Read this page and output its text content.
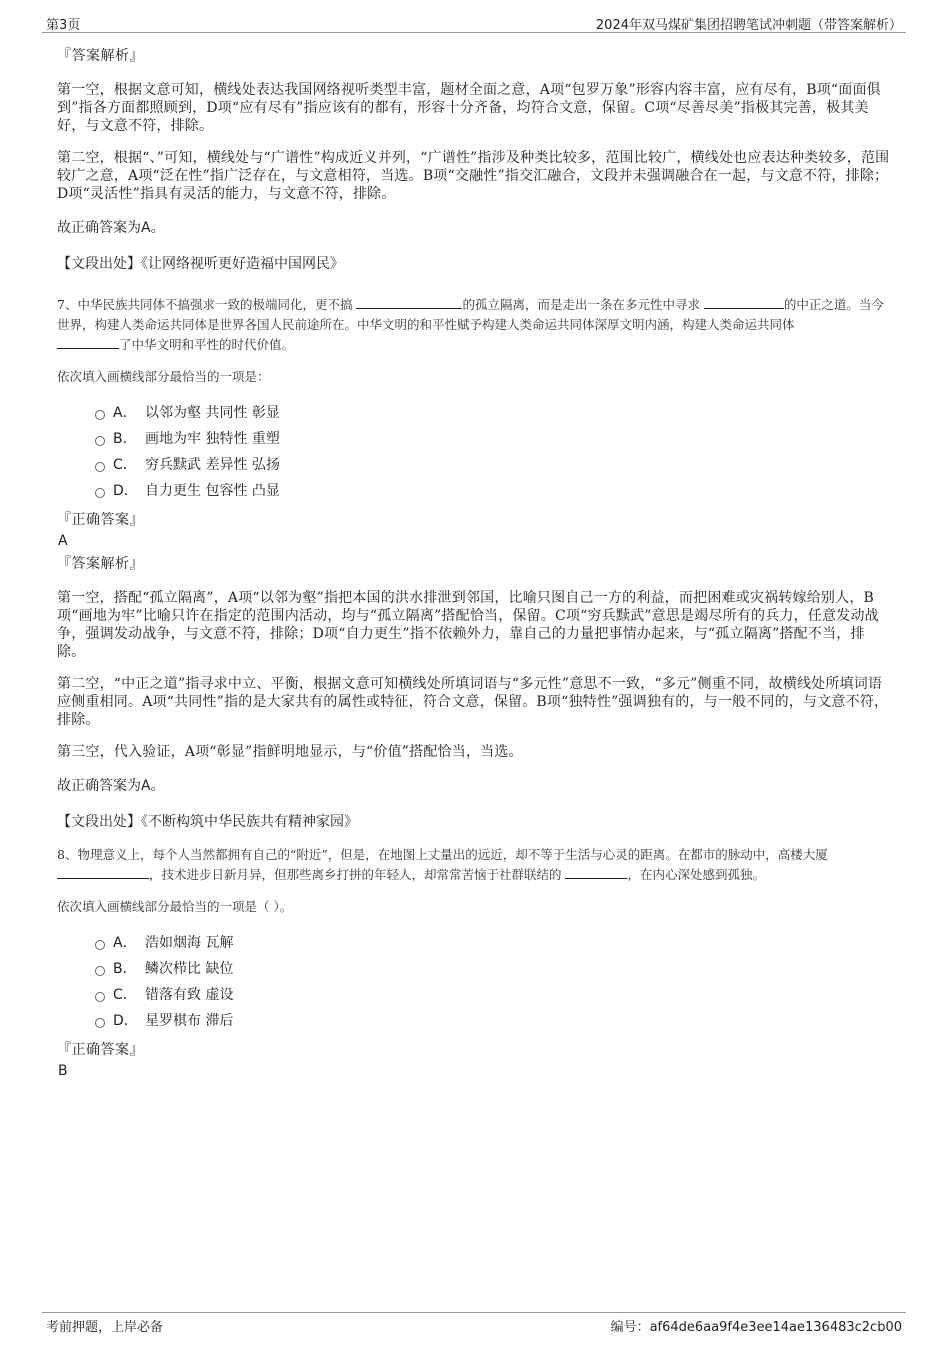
第3页	2024年双马煤矿集团招聘笔试冲刺题（带答案解析）
『答案解析』

第一空，根据文意可知，横线处表达我国网络视听类型丰富，题材全面之意，A项“包罗万象”形容内容丰富，应有尽有，B项“面面俱到”指各方面都照顾到，D项“应有尽有”指应该有的都有，形容十分齐备，均符合文意，保留。C项“尽善尽美”指极其完善，极其美好，与文意不符，排除。

第二空，根据“、”可知，横线处与“广谱性”构成近义并列，“广谱性”指涉及种类比较多，范围比较广，横线处也应表达种类较多，范围较广之意，A项“泛在性”指广泛存在，与文意相符，当选。B项“交融性”指交汇融合，文段并未强调融合在一起，与文意不符，排除；D项“灵活性”指具有灵活的能力，与文意不符，排除。

故正确答案为A。
【文段出处】《让网络视听更好造福中国网民》
7、中华民族共同体不搞强求一致的极端同化，更不搞	的孤立隔离，而是走出一条在多元性中寻求	的中正之道。当今世界，构建人类命运共同体是世界各国人民前途所在。中华文明的和平性赋予构建人类命运共同体深厚文明内涵，构建人类命运共同体
了中华文明和平性的时代价值。
依次填入画横线部分最恰当的一项是：
A． 以邻为壑 共同性 彰显
B． 画地为牢 独特性 重塑
C． 穷兵黩武 差异性 弘扬
D． 自力更生 包容性 凸显
『正确答案』
A
『答案解析』

第一空，搭配“孤立隔离”，A项“以邻为壑”指把本国的洪水排泄到邻国，比喻只图自己一方的利益，而把困难或灾祸转嫁给别人，B项“画地为牢”比喻只许在指定的范围内活动，均与“孤立隔离”搭配恰当，保留。C项“穷兵黩武”意思是竭尽所有的兵力，任意发动战争，强调发动战争，与文意不符，排除；D项“自力更生”指不依赖外力，靠自己的力量把事情办起来，与“孤立隔离”搭配不当，排除。

第二空，“中正之道”指寻求中立、平衡，根据文意可知横线处所填词语与“多元性”意思不一致，“多元”侧重不同，故横线处所填词语应侧重相同。A项“共同性”指的是大家共有的属性或特征，符合文意，保留。B项“独特性”强调独有的，与一般不同的，与文意不符，排除。

第三空，代入验证，A项“彰显”指鲜明地显示，与“价值”搭配恰当，当选。

故正确答案为A。
【文段出处】《不断构筑中华民族共有精神家园》
8、物理意义上，每个人当然都拥有自己的“附近”，但是，在地图上丈量出的远近，却不等于生活与心灵的距离。在都市的脉动中，高楼大厦
，技术进步日新月异，但那些离乡打拼的年轻人，却常常苦恼于社群联结的	，在内心深处感到孤独。
依次填入画横线部分最恰当的一项是（ ）。
A． 浩如烟海 瓦解
B． 鳞次栉比 缺位
C． 错落有致 虚设
D． 星罗棋布 滞后
『正确答案』
B
考前押题，上岸必备	编号：af64de6aa9f4e3ee14ae136483c2cb00
